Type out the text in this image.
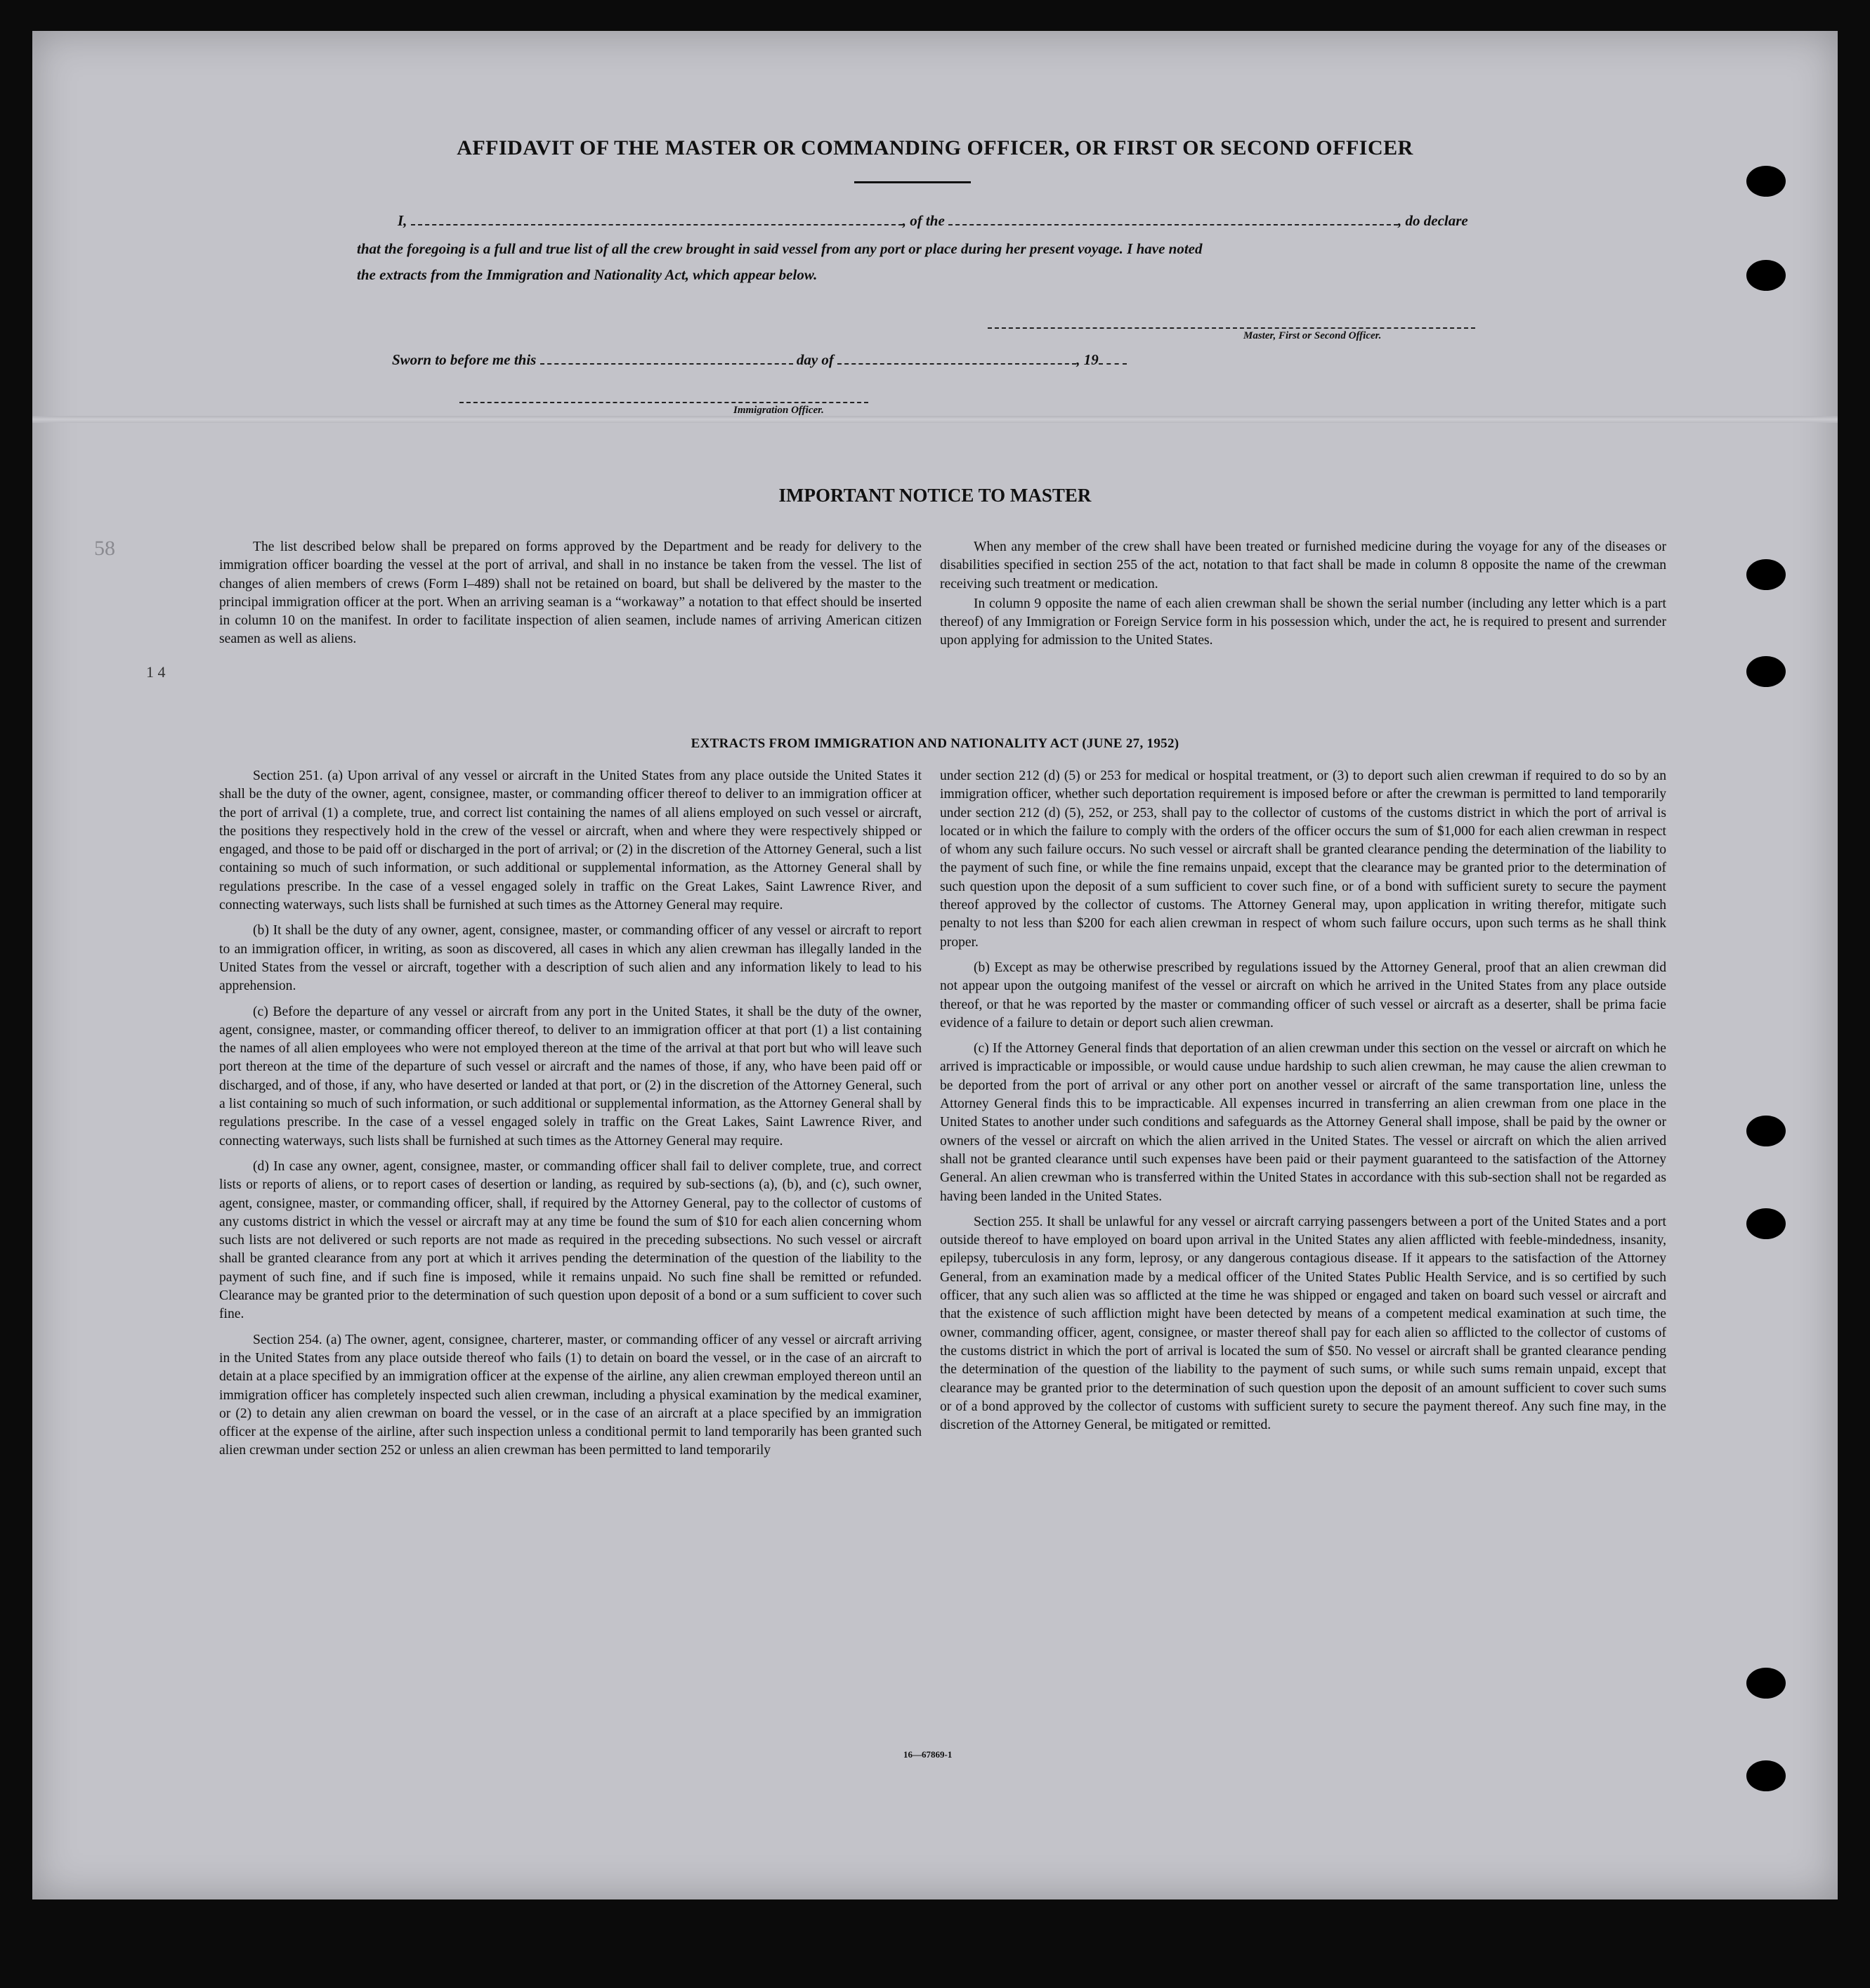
58
1 4
AFFIDAVIT OF THE MASTER OR COMMANDING OFFICER, OR FIRST OR SECOND OFFICER
I,	, of the	, do declare
that the foregoing is a full and true list of all the crew brought in said vessel from any port or place during her present voyage. I have noted
the extracts from the Immigration and Nationality Act, which appear below.
Master, First or Second Officer.
Sworn to before me this	day of	, 19
Immigration Officer.
IMPORTANT NOTICE TO MASTER

The list described below shall be prepared on forms approved by the Department and be ready for delivery to the immigration officer boarding the vessel at the port of arrival, and shall in no instance be taken from the vessel. The list of changes of alien members of crews (Form I–489) shall not be retained on board, but shall be delivered by the master to the principal immigration officer at the port. When an arriving seaman is a “workaway” a notation to that effect should be inserted in column 10 on the manifest. In order to facilitate inspection of alien seamen, include names of arriving American citizen seamen as well as aliens.

When any member of the crew shall have been treated or furnished medicine during the voyage for any of the diseases or disabilities specified in section 255 of the act, notation to that fact shall be made in column 8 opposite the name of the crewman receiving such treatment or medication.

In column 9 opposite the name of each alien crewman shall be shown the serial number (including any letter which is a part thereof) of any Immigration or Foreign Service form in his possession which, under the act, he is required to present and surrender upon applying for admission to the United States.

EXTRACTS FROM IMMIGRATION AND NATIONALITY ACT (JUNE 27, 1952)

Section 251. (a) Upon arrival of any vessel or aircraft in the United States from any place outside the United States it shall be the duty of the owner, agent, consignee, master, or commanding officer thereof to deliver to an immigration officer at the port of arrival (1) a complete, true, and correct list containing the names of all aliens employed on such vessel or aircraft, the positions they respectively hold in the crew of the vessel or aircraft, when and where they were respectively shipped or engaged, and those to be paid off or discharged in the port of arrival; or (2) in the discretion of the Attorney General, such a list containing so much of such information, or such additional or supplemental information, as the Attorney General shall by regulations prescribe. In the case of a vessel engaged solely in traffic on the Great Lakes, Saint Lawrence River, and connecting waterways, such lists shall be furnished at such times as the Attorney General may require.

(b) It shall be the duty of any owner, agent, consignee, master, or commanding officer of any vessel or aircraft to report to an immigration officer, in writing, as soon as discovered, all cases in which any alien crewman has illegally landed in the United States from the vessel or aircraft, together with a description of such alien and any information likely to lead to his apprehension.

(c) Before the departure of any vessel or aircraft from any port in the United States, it shall be the duty of the owner, agent, consignee, master, or commanding officer thereof, to deliver to an immigration officer at that port (1) a list containing the names of all alien employees who were not employed thereon at the time of the arrival at that port but who will leave such port thereon at the time of the departure of such vessel or aircraft and the names of those, if any, who have been paid off or discharged, and of those, if any, who have deserted or landed at that port, or (2) in the discretion of the Attorney General, such a list containing so much of such information, or such additional or supplemental information, as the Attorney General shall by regulations prescribe. In the case of a vessel engaged solely in traffic on the Great Lakes, Saint Lawrence River, and connecting waterways, such lists shall be furnished at such times as the Attorney General may require.

(d) In case any owner, agent, consignee, master, or commanding officer shall fail to deliver complete, true, and correct lists or reports of aliens, or to report cases of desertion or landing, as required by sub-sections (a), (b), and (c), such owner, agent, consignee, master, or commanding officer, shall, if required by the Attorney General, pay to the collector of customs of any customs district in which the vessel or aircraft may at any time be found the sum of $10 for each alien concerning whom such lists are not delivered or such reports are not made as required in the preceding subsections. No such vessel or aircraft shall be granted clearance from any port at which it arrives pending the determination of the question of the liability to the payment of such fine, and if such fine is imposed, while it remains unpaid. No such fine shall be remitted or refunded. Clearance may be granted prior to the determination of such question upon deposit of a bond or a sum sufficient to cover such fine.

Section 254. (a) The owner, agent, consignee, charterer, master, or commanding officer of any vessel or aircraft arriving in the United States from any place outside thereof who fails (1) to detain on board the vessel, or in the case of an aircraft to detain at a place specified by an immigration officer at the expense of the airline, any alien crewman employed thereon until an immigration officer has completely inspected such alien crewman, including a physical examination by the medical examiner, or (2) to detain any alien crewman on board the vessel, or in the case of an aircraft at a place specified by an immigration officer at the expense of the airline, after such inspection unless a conditional permit to land temporarily has been granted such alien crewman under section 252 or unless an alien crewman has been permitted to land temporarily

under section 212 (d) (5) or 253 for medical or hospital treatment, or (3) to deport such alien crewman if required to do so by an immigration officer, whether such deportation requirement is imposed before or after the crewman is permitted to land temporarily under section 212 (d) (5), 252, or 253, shall pay to the collector of customs of the customs district in which the port of arrival is located or in which the failure to comply with the orders of the officer occurs the sum of $1,000 for each alien crewman in respect of whom any such failure occurs. No such vessel or aircraft shall be granted clearance pending the determination of the liability to the payment of such fine, or while the fine remains unpaid, except that the clearance may be granted prior to the determination of such question upon the deposit of a sum sufficient to cover such fine, or of a bond with sufficient surety to secure the payment thereof approved by the collector of customs. The Attorney General may, upon application in writing therefor, mitigate such penalty to not less than $200 for each alien crewman in respect of whom such failure occurs, upon such terms as he shall think proper.

(b) Except as may be otherwise prescribed by regulations issued by the Attorney General, proof that an alien crewman did not appear upon the outgoing manifest of the vessel or aircraft on which he arrived in the United States from any place outside thereof, or that he was reported by the master or commanding officer of such vessel or aircraft as a deserter, shall be prima facie evidence of a failure to detain or deport such alien crewman.

(c) If the Attorney General finds that deportation of an alien crewman under this section on the vessel or aircraft on which he arrived is impracticable or impossible, or would cause undue hardship to such alien crewman, he may cause the alien crewman to be deported from the port of arrival or any other port on another vessel or aircraft of the same transportation line, unless the Attorney General finds this to be impracticable. All expenses incurred in transferring an alien crewman from one place in the United States to another under such conditions and safeguards as the Attorney General shall impose, shall be paid by the owner or owners of the vessel or aircraft on which the alien arrived in the United States. The vessel or aircraft on which the alien arrived shall not be granted clearance until such expenses have been paid or their payment guaranteed to the satisfaction of the Attorney General. An alien crewman who is transferred within the United States in accordance with this sub-section shall not be regarded as having been landed in the United States.

Section 255. It shall be unlawful for any vessel or aircraft carrying passengers between a port of the United States and a port outside thereof to have employed on board upon arrival in the United States any alien afflicted with feeble-mindedness, insanity, epilepsy, tuberculosis in any form, leprosy, or any dangerous contagious disease. If it appears to the satisfaction of the Attorney General, from an examination made by a medical officer of the United States Public Health Service, and is so certified by such officer, that any such alien was so afflicted at the time he was shipped or engaged and taken on board such vessel or aircraft and that the existence of such affliction might have been detected by means of a competent medical examination at such time, the owner, commanding officer, agent, consignee, or master thereof shall pay for each alien so afflicted to the collector of customs of the customs district in which the port of arrival is located the sum of $50. No vessel or aircraft shall be granted clearance pending the determination of the question of the liability to the payment of such sums, or while such sums remain unpaid, except that clearance may be granted prior to the determination of such question upon the deposit of an amount sufficient to cover such sums or of a bond approved by the collector of customs with sufficient surety to secure the payment thereof. Any such fine may, in the discretion of the Attorney General, be mitigated or remitted.

16—67869-1
